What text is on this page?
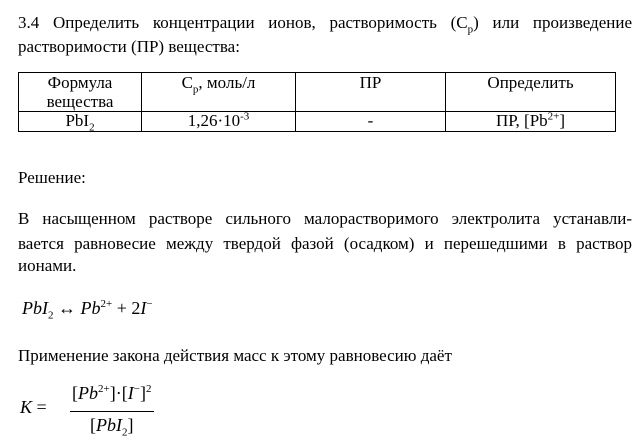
3.4 Определить концентрации ионов, растворимость $(С_р)$ или произведение
растворимости (ПР) вещества:
Формула
вещества	$С_р$, моль/л	ПР	Определить
PbI$_2$	$1,26\cdot 10^{-3}$	-	ПР, $[Pb^{2+}]$
Решение:
В насыщенном растворе сильного малорастворимого электролита устанавли-
вается равновесие между твердой фазой (осадком) и перешедшими в раствор
ионами.
PbI$_2$ ↔ $Pb^{2+} + 2I^-$
Применение закона действия масс к этому равновесию даёт
K =
$[Pb^{2+}]\cdot[I^-]^2$
[PbI$_2$]
